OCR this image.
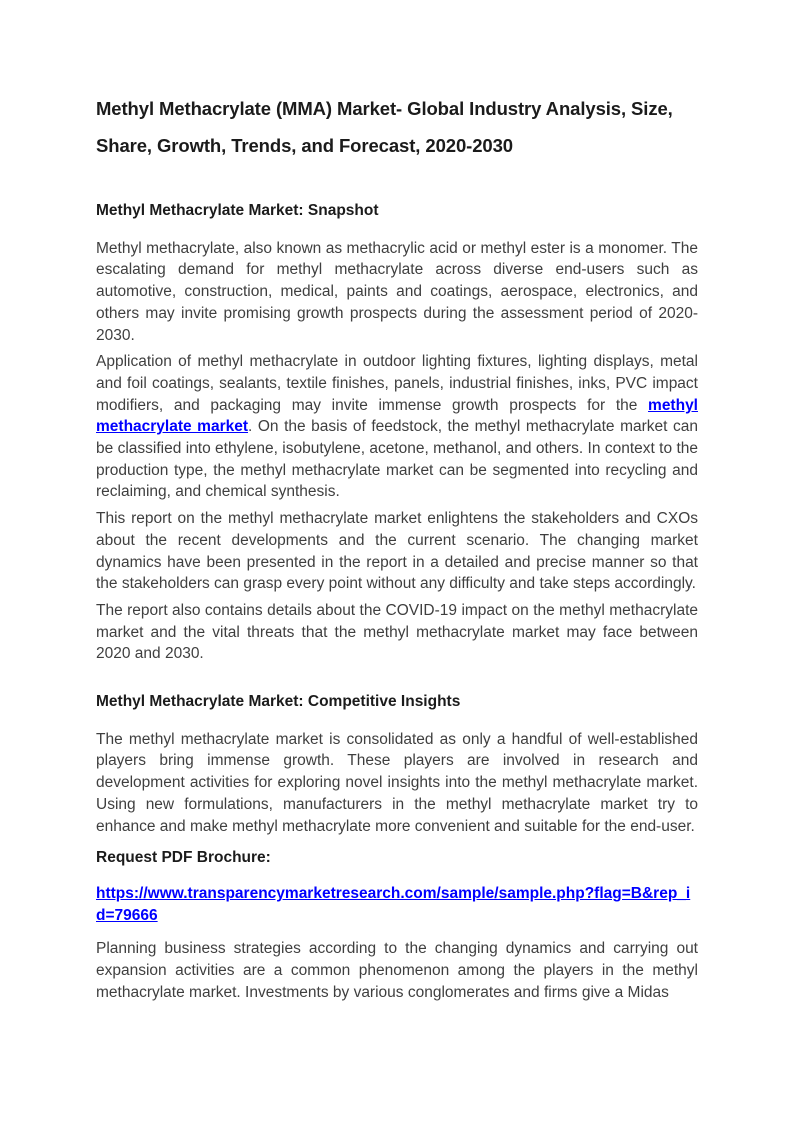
Methyl Methacrylate (MMA) Market- Global Industry Analysis, Size, Share, Growth, Trends, and Forecast, 2020-2030
Methyl Methacrylate Market: Snapshot

Methyl methacrylate, also known as methacrylic acid or methyl ester is a monomer. The escalating demand for methyl methacrylate across diverse end-users such as automotive, construction, medical, paints and coatings, aerospace, electronics, and others may invite promising growth prospects during the assessment period of 2020-2030.

Application of methyl methacrylate in outdoor lighting fixtures, lighting displays, metal and foil coatings, sealants, textile finishes, panels, industrial finishes, inks, PVC impact modifiers, and packaging may invite immense growth prospects for the methyl methacrylate market. On the basis of feedstock, the methyl methacrylate market can be classified into ethylene, isobutylene, acetone, methanol, and others. In context to the production type, the methyl methacrylate market can be segmented into recycling and reclaiming, and chemical synthesis.

This report on the methyl methacrylate market enlightens the stakeholders and CXOs about the recent developments and the current scenario. The changing market dynamics have been presented in the report in a detailed and precise manner so that the stakeholders can grasp every point without any difficulty and take steps accordingly.

The report also contains details about the COVID-19 impact on the methyl methacrylate market and the vital threats that the methyl methacrylate market may face between 2020 and 2030.

Methyl Methacrylate Market: Competitive Insights

The methyl methacrylate market is consolidated as only a handful of well-established players bring immense growth. These players are involved in research and development activities for exploring novel insights into the methyl methacrylate market. Using new formulations, manufacturers in the methyl methacrylate market try to enhance and make methyl methacrylate more convenient and suitable for the end-user.

Request PDF Brochure:

https://www.transparencymarketresearch.com/sample/sample.php?flag=B&rep_id=79666

Planning business strategies according to the changing dynamics and carrying out expansion activities are a common phenomenon among the players in the methyl methacrylate market. Investments by various conglomerates and firms give a Midas
